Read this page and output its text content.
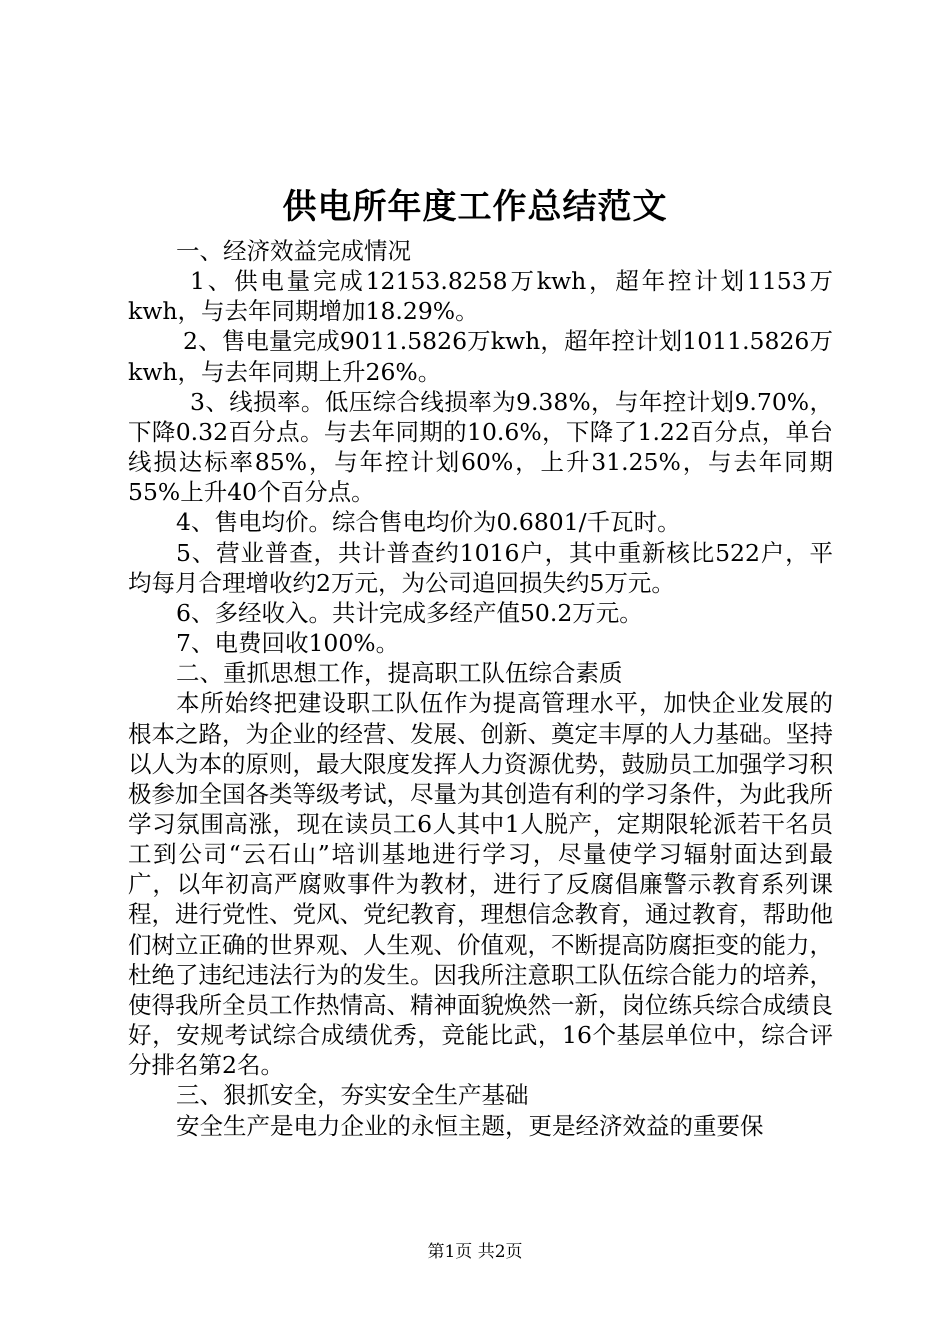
供电所年度工作总结范文

一、经济效益完成情况

1、供电量完成12153.8258万kwh，超年控计划1153万kwh，与去年同期增加18.29%。

2、售电量完成9011.5826万kwh，超年控计划1011.5826万kwh，与去年同期上升26%。

3、线损率。低压综合线损率为9.38%，与年控计划9.70%，下降0.32百分点。与去年同期的10.6%，下降了1.22百分点，单台线损达标率85%，与年控计划60%，上升31.25%，与去年同期55%上升40个百分点。

4、售电均价。综合售电均价为0.6801/千瓦时。

5、营业普查，共计普查约1016户，其中重新核比522户，平均每月合理增收约2万元，为公司追回损失约5万元。

6、多经收入。共计完成多经产值50.2万元。

7、电费回收100%。

二、重抓思想工作，提高职工队伍综合素质

本所始终把建设职工队伍作为提高管理水平，加快企业发展的根本之路，为企业的经营、发展、创新、奠定丰厚的人力基础。坚持以人为本的原则，最大限度发挥人力资源优势，鼓励员工加强学习积极参加全国各类等级考试，尽量为其创造有利的学习条件，为此我所学习氛围高涨，现在读员工6人其中1人脱产，定期限轮派若干名员工到公司“云石山”培训基地进行学习，尽量使学习辐射面达到最广，以年初高严腐败事件为教材，进行了反腐倡廉警示教育系列课程，进行党性、党风、党纪教育，理想信念教育，通过教育，帮助他们树立正确的世界观、人生观、价值观，不断提高防腐拒变的能力，杜绝了违纪违法行为的发生。因我所注意职工队伍综合能力的培养，使得我所全员工作热情高、精神面貌焕然一新，岗位练兵综合成绩良好，安规考试综合成绩优秀，竞能比武，16个基层单位中，综合评分排名第2名。

三、狠抓安全，夯实安全生产基础

安全生产是电力企业的永恒主题，更是经济效益的重要保

第1页 共2页
